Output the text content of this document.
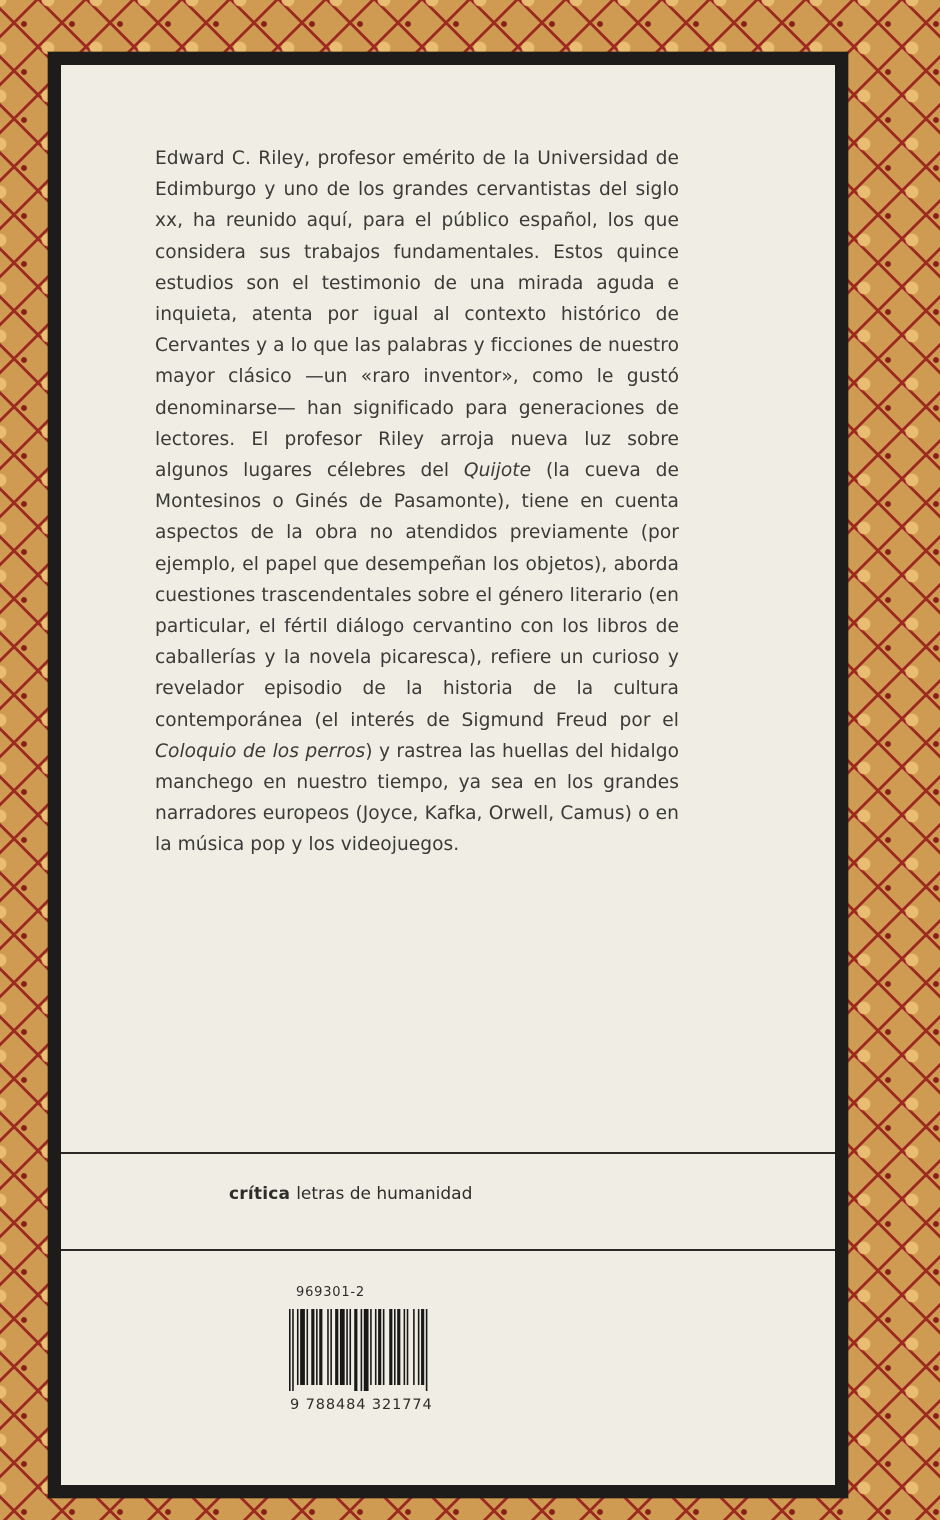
Edward C. Riley, profesor emérito de la Universidad de Edimburgo y uno de los grandes cervantistas del siglo xx, ha reunido aquí, para el público español, los que considera sus trabajos fundamentales. Estos quince estudios son el testimonio de una mirada aguda e inquieta, atenta por igual al contexto histórico de Cervantes y a lo que las palabras y ficciones de nuestro mayor clásico —un «raro inventor», como le gustó denominarse— han significado para generaciones de lectores. El profesor Riley arroja nueva luz sobre algunos lugares célebres del Quijote (la cueva de Montesinos o Ginés de Pasamonte), tiene en cuenta aspectos de la obra no atendidos previamente (por ejemplo, el papel que desempeñan los objetos), aborda cuestiones trascendentales sobre el género literario (en particular, el fértil diálogo cervantino con los libros de caballerías y la novela picaresca), refiere un curioso y revelador episodio de la historia de la cultura contemporánea (el interés de Sigmund Freud por el Coloquio de los perros) y rastrea las huellas del hidalgo manchego en nuestro tiempo, ya sea en los grandes narradores europeos (Joyce, Kafka, Orwell, Camus) o en la música pop y los videojuegos.

crítica letras de humanidad
969301-2
9 788484 321774
